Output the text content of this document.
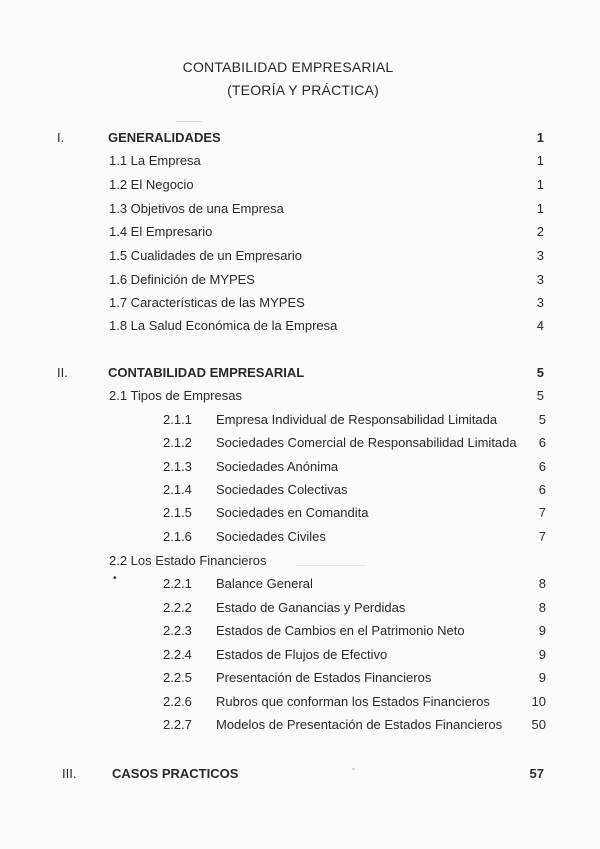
CONTABILIDAD EMPRESARIAL
(TEORÍA Y PRÁCTICA)
I.	GENERALIDADES	1
1.1 La Empresa	1
1.2 El Negocio	1
1.3 Objetivos de una Empresa	1
1.4 El Empresario	2
1.5 Cualidades de un Empresario	3
1.6 Definición de MYPES	3
1.7 Características de las MYPES	3
1.8 La Salud Económica de la Empresa	4
II.	CONTABILIDAD EMPRESARIAL	5
2.1 Tipos de Empresas	5
2.1.1 Empresa Individual de Responsabilidad Limitada	5
2.1.2 Sociedades Comercial de Responsabilidad Limitada 6
2.1.3 Sociedades Anónima	6
2.1.4 Sociedades Colectivas	6
2.1.5 Sociedades en Comandita	7
2.1.6 Sociedades Civiles	7
2.2 Los Estado Financieros
•	2.2.1 Balance General	8
2.2.2 Estado de Ganancias y Perdidas	8
2.2.3 Estados de Cambios en el Patrimonio Neto	9
2.2.4 Estados de Flujos de Efectivo	9
2.2.5 Presentación de Estados Financieros	9
2.2.6 Rubros que conforman los Estados Financieros	10
2.2.7 Modelos de Presentación de Estados Financieros 50
III.	CASOS PRACTICOS	57
